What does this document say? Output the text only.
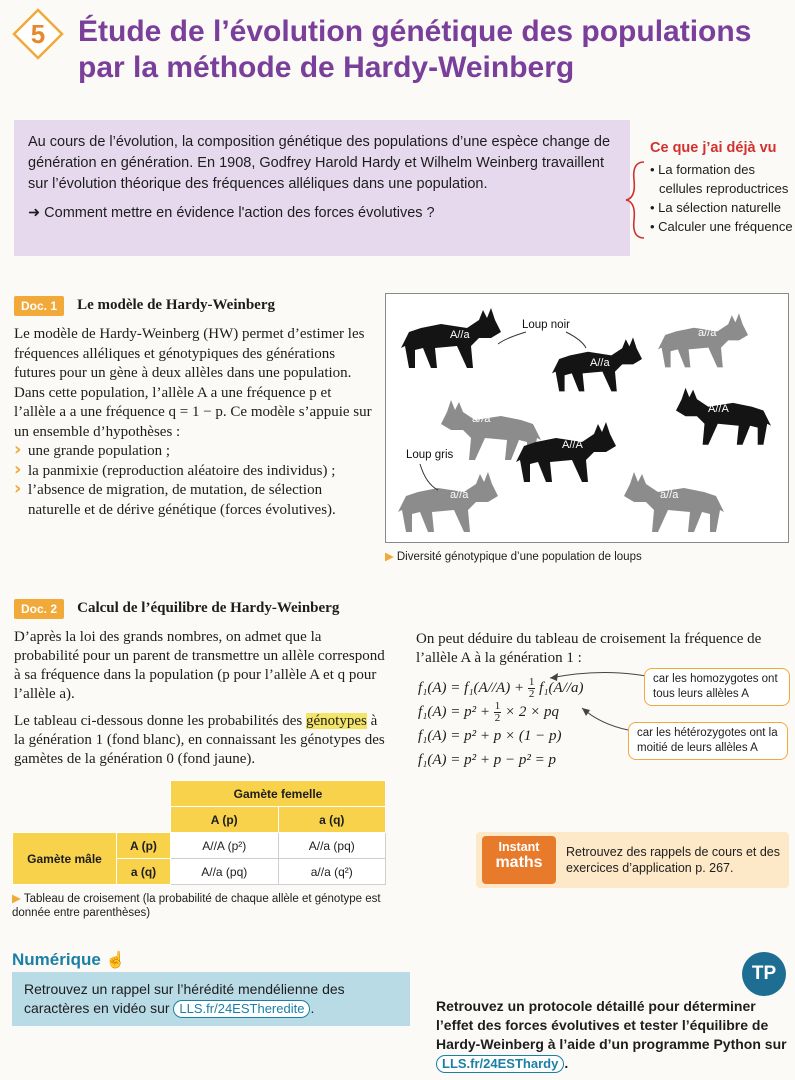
5	Étude de l’évolution génétique des populations
par la méthode de Hardy-Weinberg

Au cours de l’évolution, la composition génétique des populations d’une espèce change de génération en génération. En 1908, Godfrey Harold Hardy et Wilhelm Weinberg travaillent sur l’évolution théorique des fréquences alléliques dans une population.

➜ Comment mettre en évidence l'action des forces évolutives ?

Ce que j’ai déjà vu
• La formation des
cellules reproductrices
• La sélection naturelle
• Calculer une fréquence
Doc. 1 Le modèle de Hardy-Weinberg

Le modèle de Hardy-Weinberg (HW) permet d’estimer les fréquences alléliques et génotypiques des générations futures pour un gène à deux allèles dans une population. Dans cette population, l’allèle A a une fréquence p et l’allèle a a une fréquence q = 1 − p. Ce modèle s’appuie sur un ensemble d’hypothèses :

› une grande population ;
› la panmixie (reproduction aléatoire des individus) ;
› l’absence de migration, de mutation, de sélection naturelle et de dérive génétique (forces évolutives).
A//a
A//a
a//a
a//a
A//A
A//A
a//a	a//a
Loup noir
Loup gris
▶ Diversité génotypique d’une population de loups
Doc. 2 Calcul de l’équilibre de Hardy-Weinberg

D’après la loi des grands nombres, on admet que la probabilité pour un parent de transmettre un allèle correspond à sa fréquence dans la population (p pour l’allèle A et q pour l’allèle a).

Le tableau ci-dessous donne les probabilités des génotypes à la génération 1 (fond blanc), en connaissant les génotypes des gamètes de la génération 0 (fond jaune).

		Gamète femelle	
		A (p)	a (q)
Gamète mâle	A (p)	A//A (p²)	A//a (pq)
	a (q)	A//a (pq)	a//a (q²)
▶ Tableau de croisement (la probabilité de chaque allèle et génotype est donnée entre parenthèses)
On peut déduire du tableau de croisement la fréquence de l’allèle A à la génération 1 :
$f_1(A) = f_1(A//A) + \frac{1}{2} f_1(A//a)$
$f_1(A) = p^2 + \frac{1}{2} \times 2$ × pq
f₁(A) = p² + p × (1 − p)
f₁(A) = p² + p − p² = p
car les homozygotes ont tous leurs allèles A
car les hétérozygotes ont la moitié de leurs allèles A
Instant
maths
Retrouvez des rappels de cours et des exercices d’application p. 267.
Numérique ☝
Retrouvez un rappel sur l’hérédité mendélienne des caractères en vidéo sur LLS.fr/24ESTheredite .
TP
Retrouvez un protocole détaillé pour déterminer l’effet des forces évolutives et tester l’équilibre de Hardy-Weinberg à l’aide d’un programme Python sur LLS.fr/24ESThardy .
